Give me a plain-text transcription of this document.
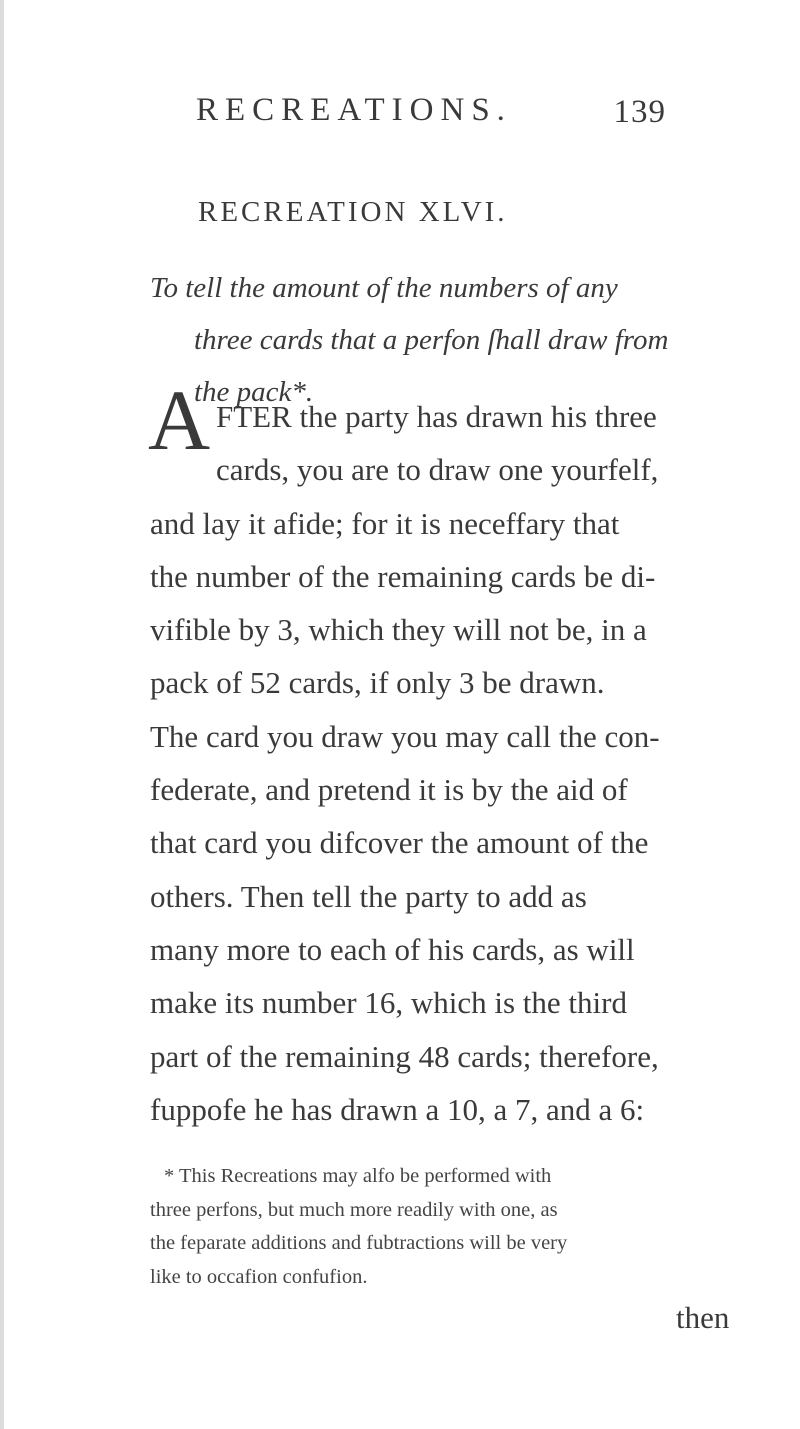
RECREATIONS.	139
RECREATION XLVI.

To tell the amount of the numbers of any

three cards that a perfon ſhall draw from

the pack*.

A FTER the party has drawn his three

cards, you are to draw one yourfelf,

and lay it afide; for it is neceffary that

the number of the remaining cards be di-

vifible by 3, which they will not be, in a

pack of 52 cards, if only 3 be drawn.

The card you draw you may call the con-

federate, and pretend it is by the aid of

that card you difcover the amount of the

others. Then tell the party to add as

many more to each of his cards, as will

make its number 16, which is the third

part of the remaining 48 cards; therefore,

fuppofe he has drawn a 10, a 7, and a 6:

* This Recreations may alfo be performed with

three perfons, but much more readily with one, as

the feparate additions and fubtractions will be very

like to occafion confufion.

then
